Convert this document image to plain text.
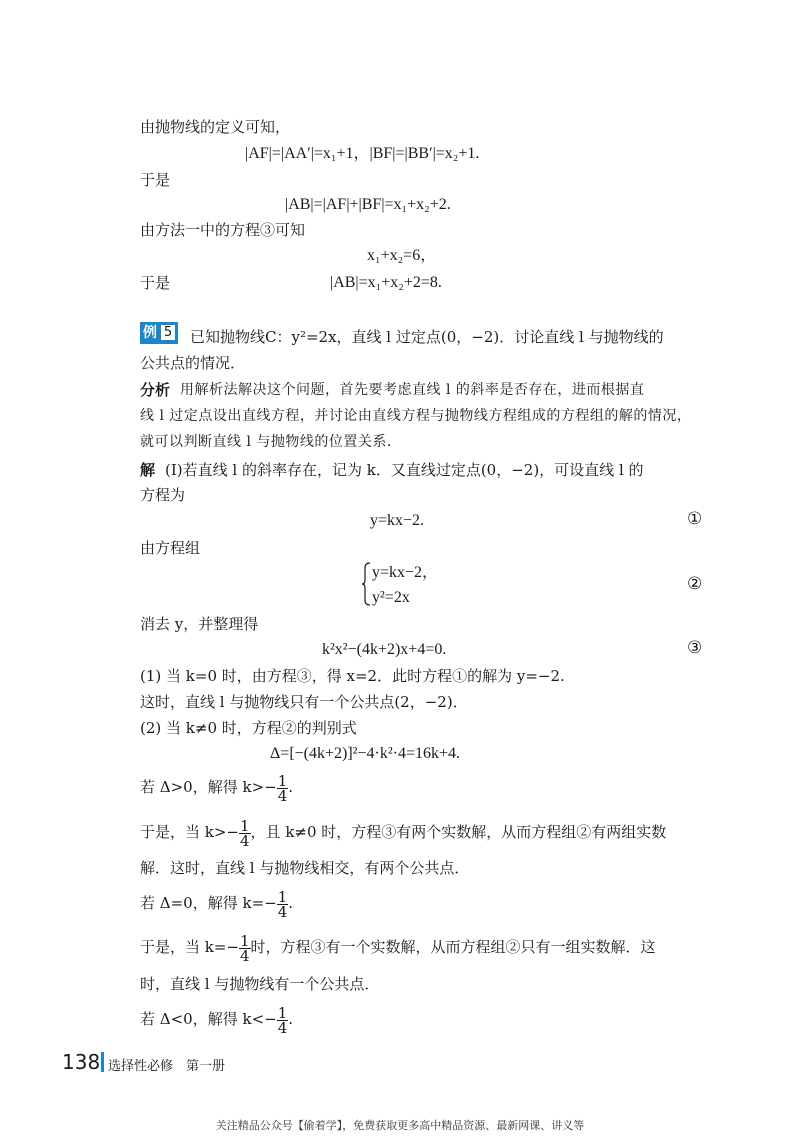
由抛物线的定义可知，
|AF|=|AA′|=x₁+1，|BF|=|BB′|=x₂+1.
于是
|AB|=|AF|+|BF|=x₁+x₂+2.
由方法一中的方程③可知
x₁+x₂=6，
于是	|AB|=x₁+x₂+2=8.
例 5 已知抛物线C：y²=2x，直线 l 过定点(0，−2)．讨论直线 l 与抛物线的
公共点的情况．
分析 用解析法解决这个问题，首先要考虑直线 l 的斜率是否存在，进而根据直
线 l 过定点设出直线方程，并讨论由直线方程与抛物线方程组成的方程组的解的情况，
就可以判断直线 l 与抛物线的位置关系．
解 (Ⅰ)若直线 l 的斜率存在，记为 k．又直线过定点(0，−2)，可设直线 l 的
方程为
y=kx−2.	①
由方程组
y=kx−2，
y²=2x
②
消去 y，并整理得
k²x²−(4k+2)x+4=0.	③
(1) 当 k=0 时，由方程③，得 x=2．此时方程①的解为 y=−2.
这时，直线 l 与抛物线只有一个公共点(2，−2)．
(2) 当 k≠0 时，方程②的判别式
Δ=[−(4k+2)]²−4·k²·4=16k+4.
若 Δ>0，解得 $k>- \frac{1}{4}$ .
于是，当 $k>- \frac{1}{4}$ ，且 k≠0 时，方程③有两个实数解，从而方程组②有两组实数
解．这时，直线 l 与抛物线相交，有两个公共点．
若 Δ=0，解得 $k=- \frac{1}{4}$ .
于是，当 $k=- \frac{1}{4}$ 时，方程③有一个实数解，从而方程组②只有一组实数解．这
时，直线 l 与抛物线有一个公共点．
若 Δ<0，解得 $k<- \frac{1}{4}$ .
138 选择性必修　第一册
关注精品公众号【偷着学】，免费获取更多高中精品资源、最新网课、讲义等
